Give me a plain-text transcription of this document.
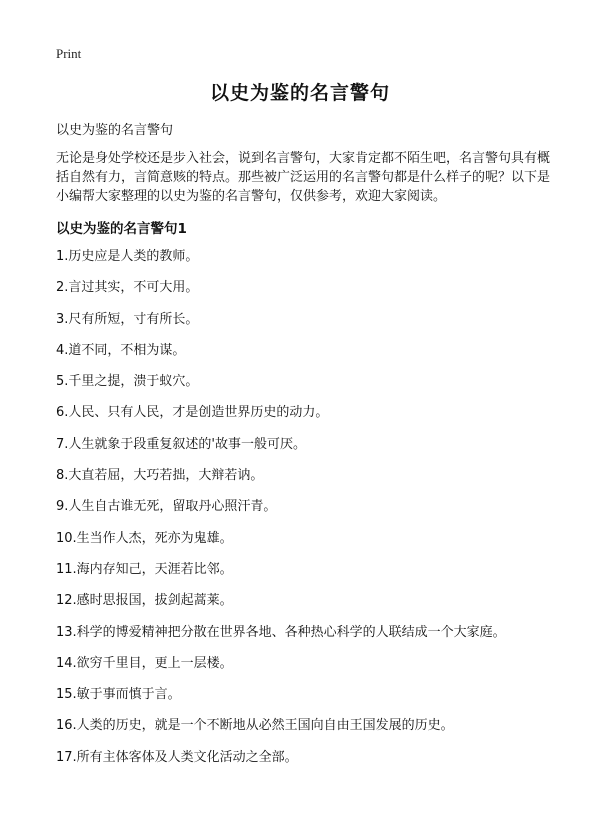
Print
以史为鉴的名言警句
以史为鉴的名言警句
无论是身处学校还是步入社会，说到名言警句，大家肯定都不陌生吧，名言警句具有概括自然有力，言简意赅的特点。那些被广泛运用的名言警句都是什么样子的呢？以下是小编帮大家整理的以史为鉴的名言警句，仅供参考，欢迎大家阅读。
以史为鉴的名言警句1
1.历史应是人类的教师。
2.言过其实，不可大用。
3.尺有所短，寸有所长。
4.道不同，不相为谋。
5.千里之提，溃于蚁穴。
6.人民、只有人民，才是创造世界历史的动力。
7.人生就象于段重复叙述的'故事一般可厌。
8.大直若屈，大巧若拙，大辩若讷。
9.人生自古谁无死，留取丹心照汗青。
10.生当作人杰，死亦为鬼雄。
11.海内存知己，天涯若比邻。
12.感时思报国，拔剑起蒿莱。
13.科学的博爱精神把分散在世界各地、各种热心科学的人联结成一个大家庭。
14.欲穷千里目，更上一层楼。
15.敏于事而慎于言。
16.人类的历史，就是一个不断地从必然王国向自由王国发展的历史。
17.所有主体客体及人类文化活动之全部。
